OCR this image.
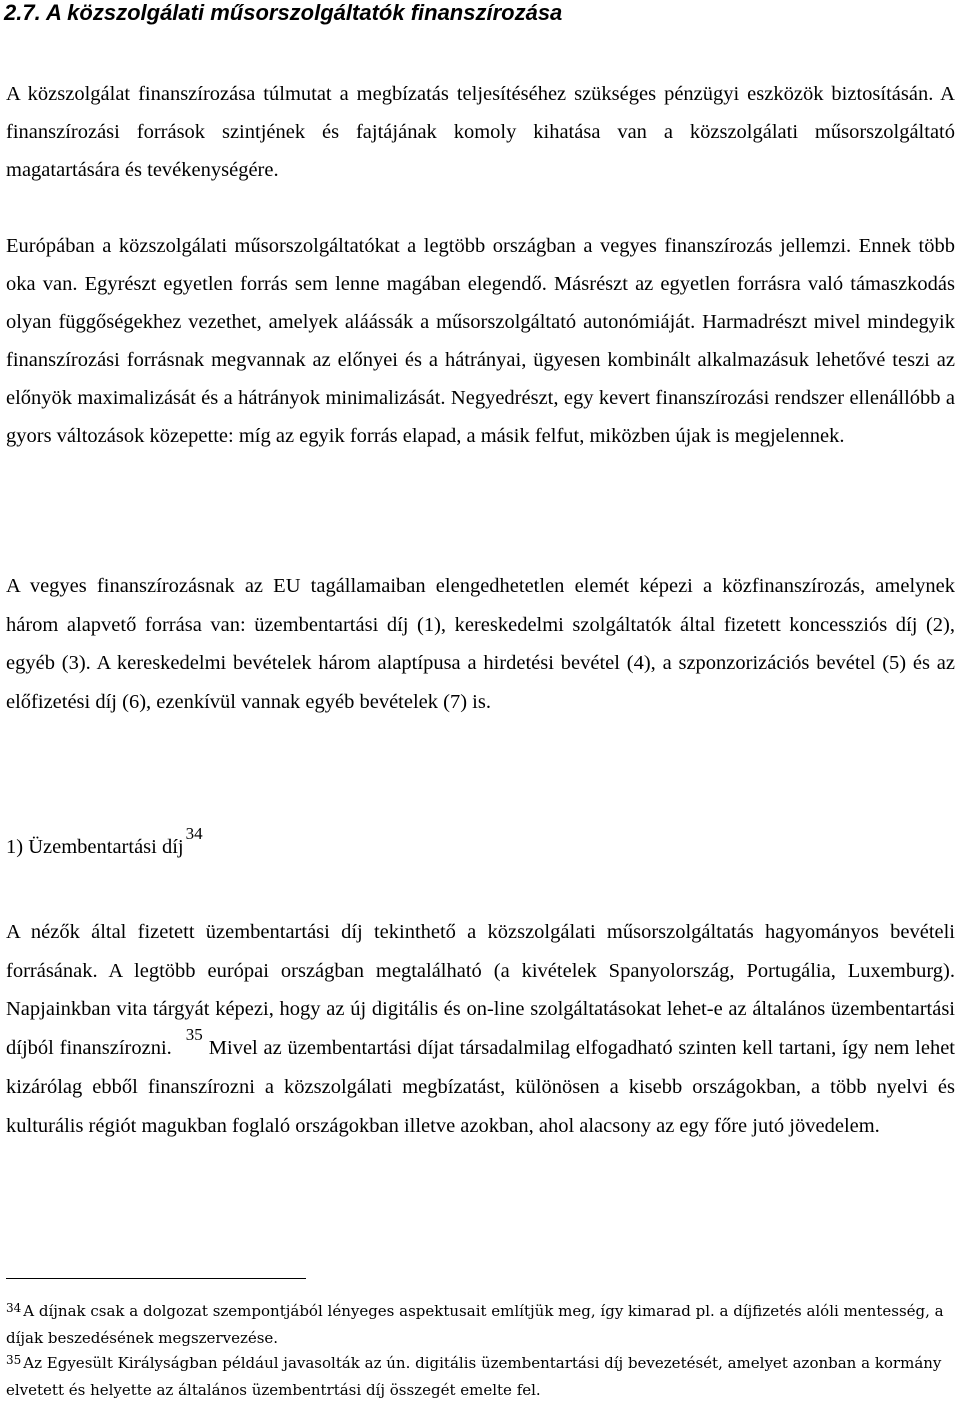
2.7. A közszolgálati műsorszolgáltatók finanszírozása

A közszolgálat finanszírozása túlmutat a megbízatás teljesítéséhez szükséges pénzügyi eszközök biztosításán. A finanszírozási források szintjének és fajtájának komoly kihatása van a közszolgálati műsorszolgáltató magatartására és tevékenységére.

Európában a közszolgálati műsorszolgáltatókat a legtöbb országban a vegyes finanszírozás jellemzi. Ennek több oka van. Egyrészt egyetlen forrás sem lenne magában elegendő. Másrészt az egyetlen forrásra való támaszkodás olyan függőségekhez vezethet, amelyek aláássák a műsorszolgáltató autonómiáját. Harmadrészt mivel mindegyik finanszírozási forrásnak megvannak az előnyei és a hátrányai, ügyesen kombinált alkalmazásuk lehetővé teszi az előnyök maximalizását és a hátrányok minimalizását. Negyedrészt, egy kevert finanszírozási rendszer ellenállóbb a gyors változások közepette: míg az egyik forrás elapad, a másik felfut, miközben újak is megjelennek.

A vegyes finanszírozásnak az EU tagállamaiban elengedhetetlen elemét képezi a közfinanszírozás, amelynek három alapvető forrása van: üzembentartási díj (1), kereskedelmi szolgáltatók által fizetett koncessziós díj (2), egyéb (3). A kereskedelmi bevételek három alaptípusa a hirdetési bevétel (4), a szponzorizációs bevétel (5) és az előfizetési díj (6), ezenkívül vannak egyéb bevételek (7) is.

1) Üzembentartási díj$^{34}$

A nézők által fizetett üzembentartási díj tekinthető a közszolgálati műsorszolgáltatás hagyományos bevételi forrásának. A legtöbb európai országban megtalálható (a kivételek Spanyolország, Portugália, Luxemburg). Napjainkban vita tárgyát képezi, hogy az új digitális és on-line szolgáltatásokat lehet-e az általános üzembentartási díjból finanszírozni.$^{35}$Mivel az üzembentartási díjat társadalmilag elfogadható szinten kell tartani, így nem lehet kizárólag ebből finanszírozni a közszolgálati megbízatást, különösen a kisebb országokban, a több nyelvi és kulturális régiót magukban foglaló országokban illetve azokban, ahol alacsony az egy főre jutó jövedelem.

$^{34}$ A díjnak csak a dolgozat szempontjából lényeges aspektusait említjük meg, így kimarad pl. a díjfizetés alóli mentesség, a díjak beszedésének megszervezése.
$^{35}$ Az Egyesült Királyságban például javasolták az ún. digitális üzembentartási díj bevezetését, amelyet azonban a kormány elvetett és helyette az általános üzembentrtási díj összegét emelte fel.
